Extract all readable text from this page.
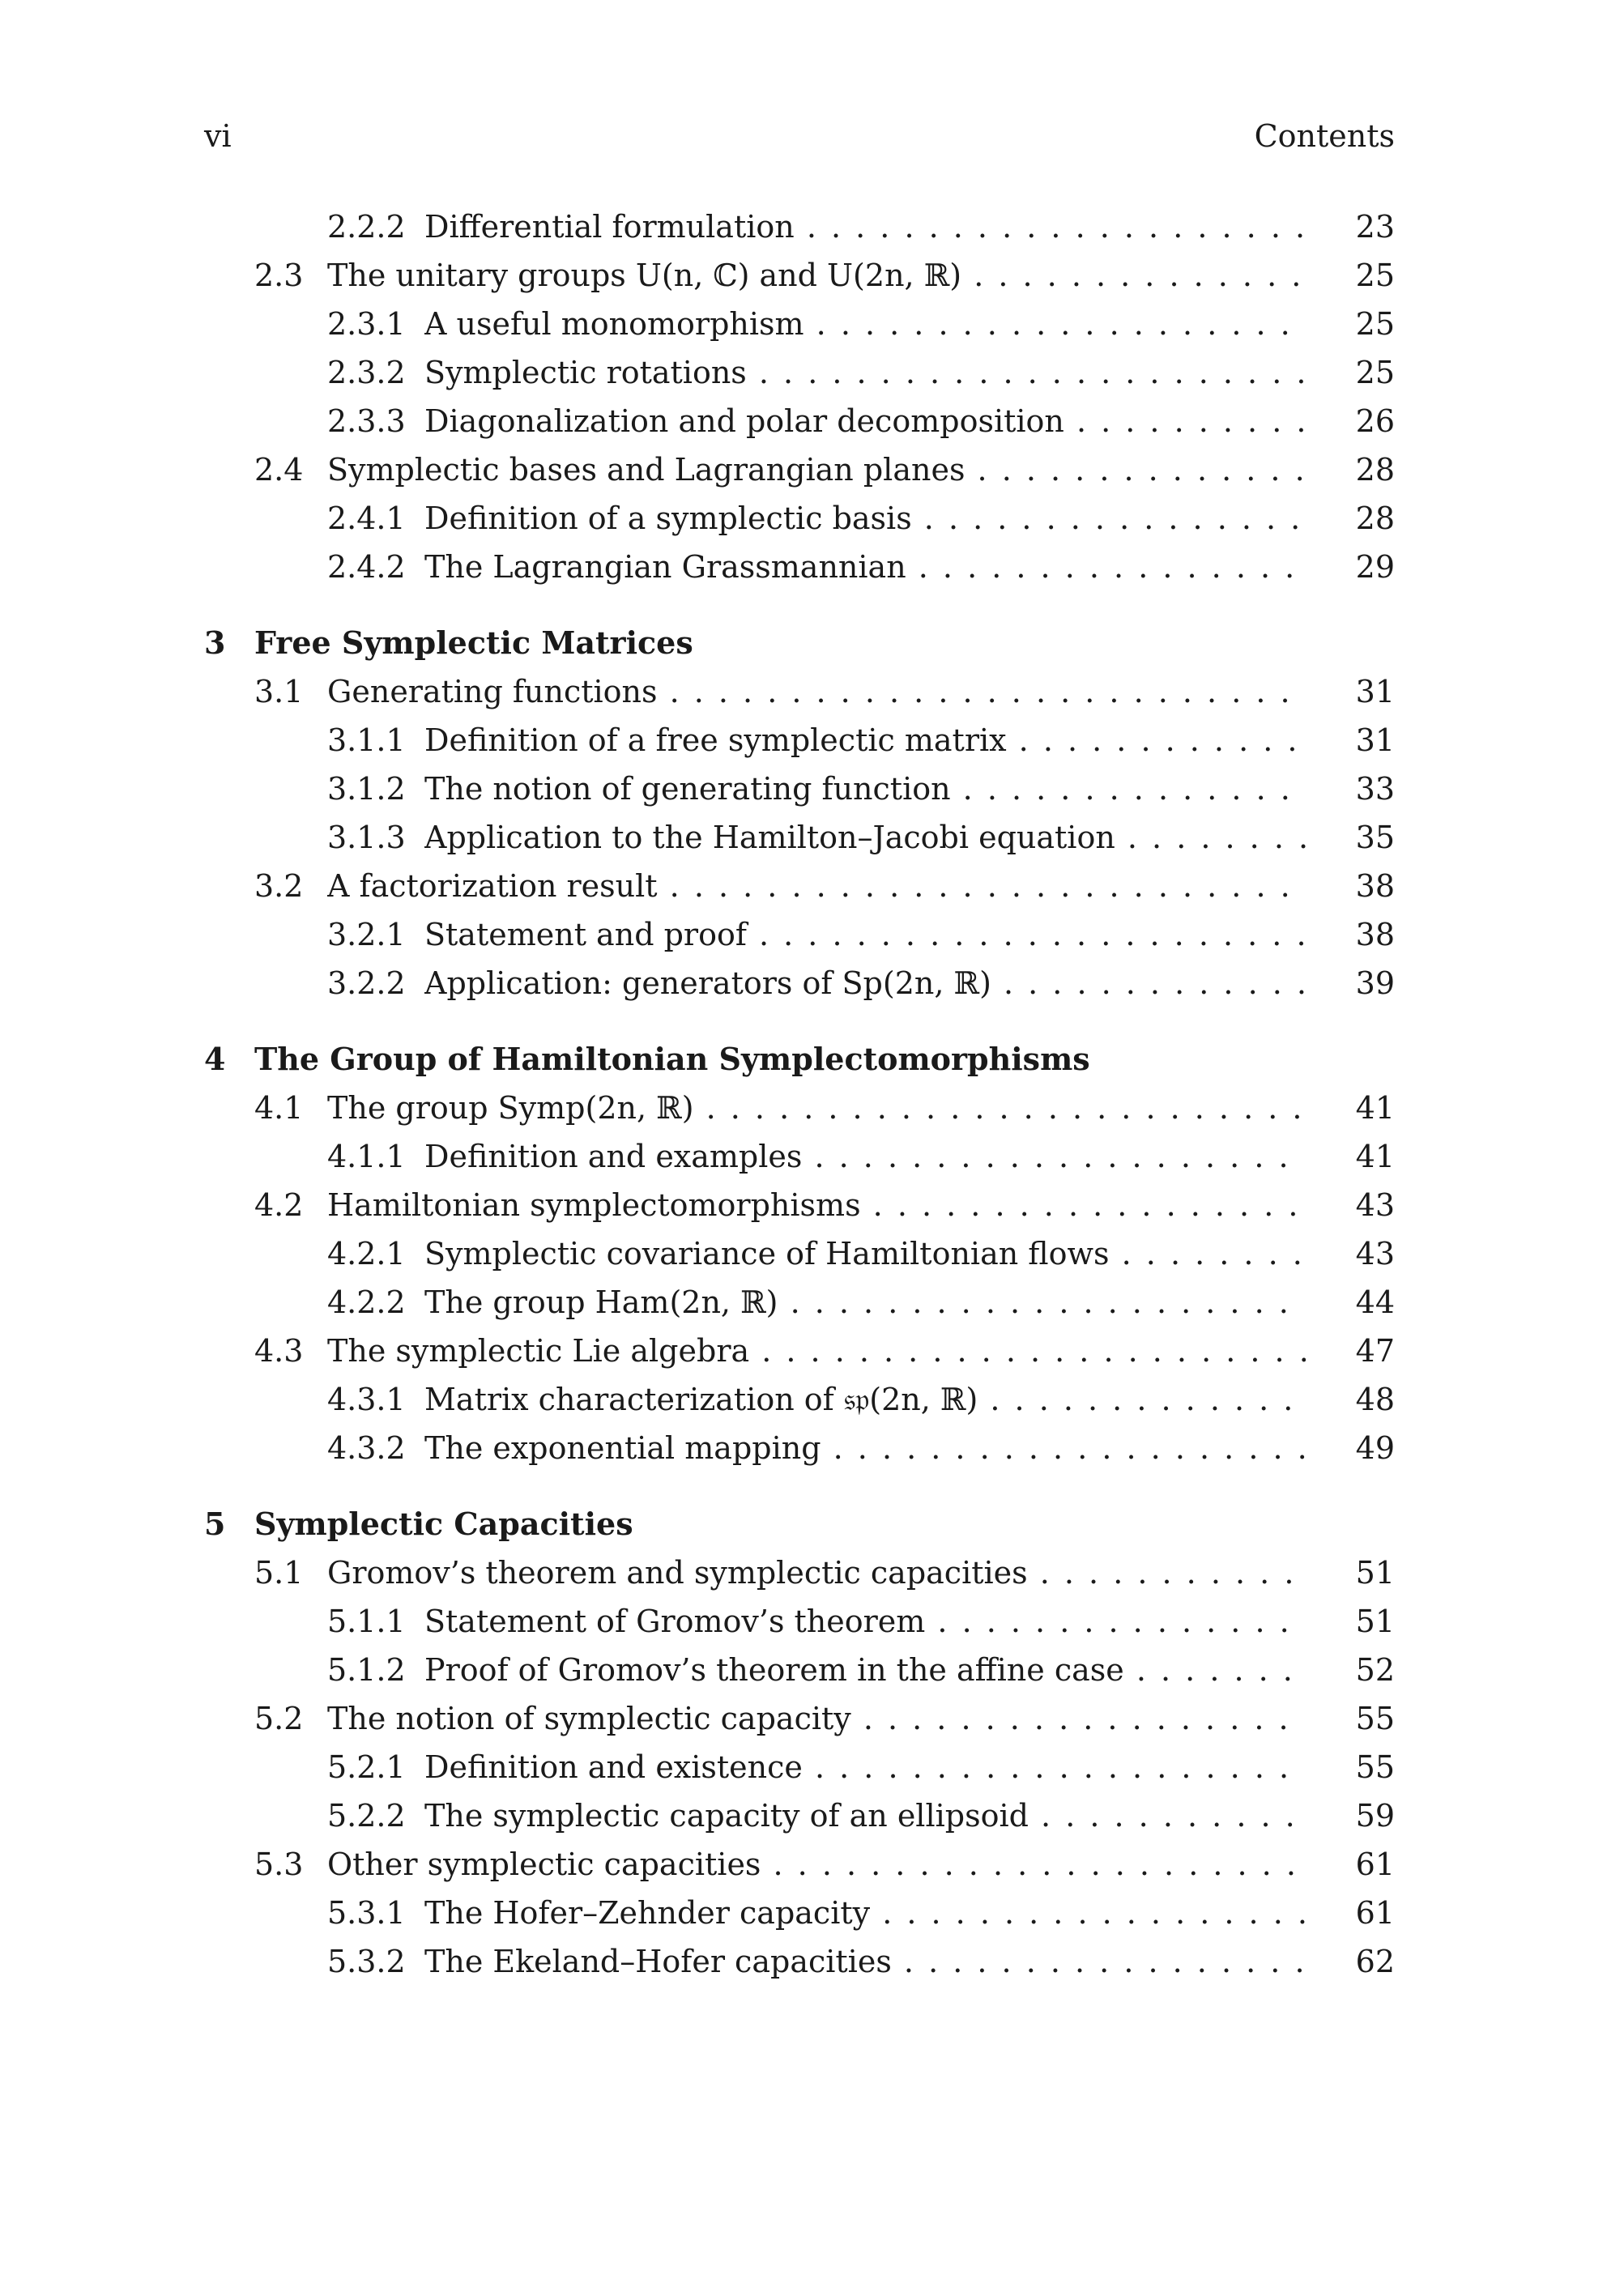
vi	Contents
2.2.2 Differential formulation . . .	23
2.3 The unitary groups U(n, ℂ) and U(2n, ℝ) . . .	25
2.3.1 A useful monomorphism . . .	25
2.3.2 Symplectic rotations . . .	25
2.3.3 Diagonalization and polar decomposition . . .	26
2.4 Symplectic bases and Lagrangian planes . . .	28
2.4.1 Definition of a symplectic basis . . .	28
2.4.2 The Lagrangian Grassmannian . . .	29
3 Free Symplectic Matrices
3.1 Generating functions . . .	31
3.1.1 Definition of a free symplectic matrix . . .	31
3.1.2 The notion of generating function . . .	33
3.1.3 Application to the Hamilton–Jacobi equation . . .	35
3.2 A factorization result . . .	38
3.2.1 Statement and proof . . .	38
3.2.2 Application: generators of Sp(2n, ℝ) . . .	39
4 The Group of Hamiltonian Symplectomorphisms
4.1 The group Symp(2n, ℝ) . . .	41
4.1.1 Definition and examples . . .	41
4.2 Hamiltonian symplectomorphisms . . .	43
4.2.1 Symplectic covariance of Hamiltonian flows . . .	43
4.2.2 The group Ham(2n, ℝ) . . .	44
4.3 The symplectic Lie algebra . . .	47
4.3.1 Matrix characterization of 𝔰𝔭(2n, ℝ) . . .	48
4.3.2 The exponential mapping . . .	49
5 Symplectic Capacities
5.1 Gromov’s theorem and symplectic capacities . . .	51
5.1.1 Statement of Gromov’s theorem . . .	51
5.1.2 Proof of Gromov’s theorem in the affine case . . .	52
5.2 The notion of symplectic capacity . . .	55
5.2.1 Definition and existence . . .	55
5.2.2 The symplectic capacity of an ellipsoid . . .	59
5.3 Other symplectic capacities . . .	61
5.3.1 The Hofer–Zehnder capacity . . .	61
5.3.2 The Ekeland–Hofer capacities . . .	62
